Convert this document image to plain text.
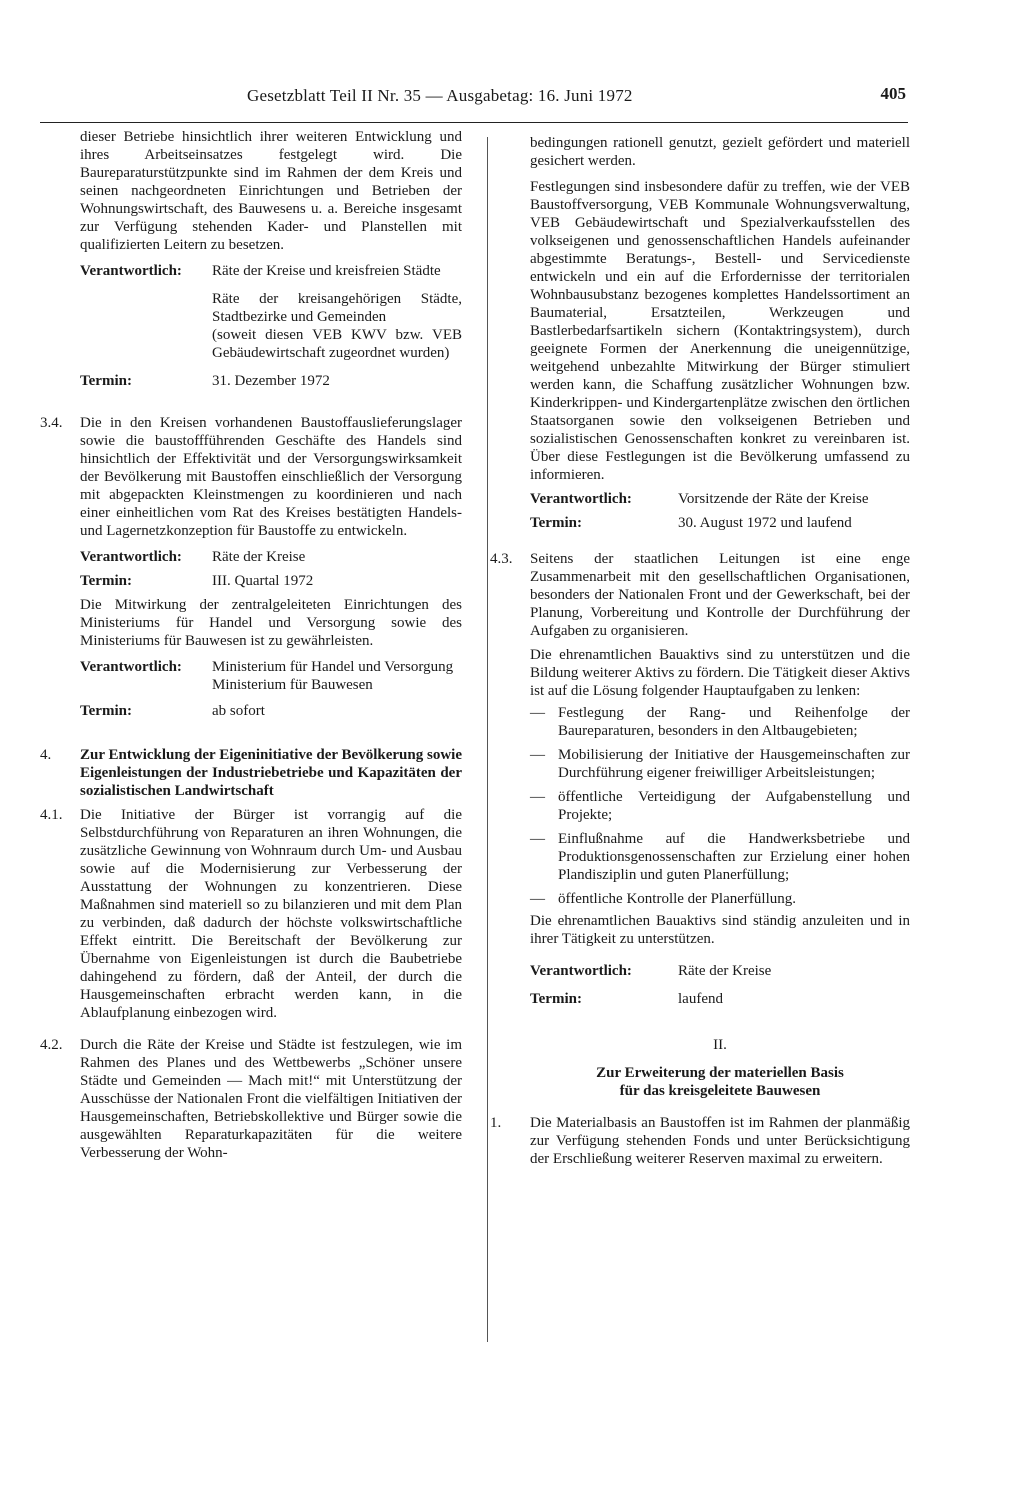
Gesetzblatt Teil II Nr. 35 — Ausgabetag: 16. Juni 1972	405

dieser Betriebe hinsichtlich ihrer weiteren Entwicklung und ihres Arbeitseinsatzes festgelegt wird. Die Baureparaturstützpunkte sind im Rahmen der dem Kreis und seinen nachgeordneten Einrichtungen und Betrieben der Wohnungswirtschaft, des Bauwesens u. a. Bereiche insgesamt zur Verfügung stehenden Kader- und Planstellen mit qualifizierten Leitern zu besetzen.

Verantwortlich:	Räte der Kreise und kreisfreien Städte

Räte der kreisangehörigen Städte, Stadtbezirke und Gemeinden

(soweit diesen VEB KWV bzw. VEB Gebäudewirtschaft zugeordnet wurden)

Termin:	31. Dezember 1972
3.4. Die in den Kreisen vorhandenen Baustoffauslieferungslager sowie die baustoffführenden Geschäfte des Handels sind hinsichtlich der Effektivität und der Versorgungswirksamkeit der Bevölkerung mit Baustoffen einschließlich der Versorgung mit abgepackten Kleinstmengen zu koordinieren und nach einer einheitlichen vom Rat des Kreises bestätigten Handels- und Lagernetzkonzeption für Baustoffe zu entwickeln.

Verantwortlich:	Räte der Kreise
Termin:	III. Quartal 1972

Die Mitwirkung der zentralgeleiteten Einrichtungen des Ministeriums für Handel und Versorgung sowie des Ministeriums für Bauwesen ist zu gewährleisten.

Verantwortlich:	Ministerium für Handel und Versorgung

Ministerium für Bauwesen

Termin:	ab sofort
4. Zur Entwicklung der Eigeninitiative der Bevölkerung sowie Eigenleistungen der Industriebetriebe und Kapazitäten der sozialistischen Landwirtschaft

4.1. Die Initiative der Bürger ist vorrangig auf die Selbstdurchführung von Reparaturen an ihren Wohnungen, die zusätzliche Gewinnung von Wohnraum durch Um- und Ausbau sowie auf die Modernisierung zur Verbesserung der Ausstattung der Wohnungen zu konzentrieren. Diese Maßnahmen sind materiell so zu bilanzieren und mit dem Plan zu verbinden, daß dadurch der höchste volkswirtschaftliche Effekt eintritt. Die Bereitschaft der Bevölkerung zur Übernahme von Eigenleistungen ist durch die Baubetriebe dahingehend zu fördern, daß der Anteil, der durch die Hausgemeinschaften erbracht werden kann, in die Ablaufplanung einbezogen wird.

4.2. Durch die Räte der Kreise und Städte ist festzulegen, wie im Rahmen des Planes und des Wettbewerbs „Schöner unsere Städte und Gemeinden — Mach mit!“ mit Unterstützung der Ausschüsse der Nationalen Front die vielfältigen Initiativen der Hausgemeinschaften, Betriebskollektive und Bürger sowie die ausgewählten Reparaturkapazitäten für die weitere Verbesserung der Wohn-

bedingungen rationell genutzt, gezielt gefördert und materiell gesichert werden.

Festlegungen sind insbesondere dafür zu treffen, wie der VEB Baustoffversorgung, VEB Kommunale Wohnungsverwaltung, VEB Gebäudewirtschaft und Spezialverkaufsstellen des volkseigenen und genossenschaftlichen Handels aufeinander abgestimmte Beratungs-, Bestell- und Servicedienste entwickeln und ein auf die Erfordernisse der territorialen Wohnbausubstanz bezogenes komplettes Handelssortiment an Baumaterial, Ersatzteilen, Werkzeugen und Bastlerbedarfsartikeln sichern (Kontaktringsystem), durch geeignete Formen der Anerkennung die uneigennützige, weitgehend unbezahlte Mitwirkung der Bürger stimuliert werden kann, die Schaffung zusätzlicher Wohnungen bzw. Kinderkrippen- und Kindergartenplätze zwischen den örtlichen Staatsorganen sowie den volkseigenen Betrieben und sozialistischen Genossenschaften konkret zu vereinbaren ist. Über diese Festlegungen ist die Bevölkerung umfassend zu informieren.

Verantwortlich:	Vorsitzende der Räte der Kreise
Termin:	30. August 1972 und laufend
4.3. Seitens der staatlichen Leitungen ist eine enge Zusammenarbeit mit den gesellschaftlichen Organisationen, besonders der Nationalen Front und der Gewerkschaft, bei der Planung, Vorbereitung und Kontrolle der Durchführung der Aufgaben zu organisieren.

Die ehrenamtlichen Bauaktivs sind zu unterstützen und die Bildung weiterer Aktivs zu fördern. Die Tätigkeit dieser Aktivs ist auf die Lösung folgender Hauptaufgaben zu lenken:

— Festlegung der Rang- und Reihenfolge der Baureparaturen, besonders in den Altbaugebieten;

— Mobilisierung der Initiative der Hausgemeinschaften zur Durchführung eigener freiwilliger Arbeitsleistungen;

— öffentliche Verteidigung der Aufgabenstellung und Projekte;

— Einflußnahme auf die Handwerksbetriebe und Produktionsgenossenschaften zur Erzielung einer hohen Plandisziplin und guten Planerfüllung;

— öffentliche Kontrolle der Planerfüllung.

Die ehrenamtlichen Bauaktivs sind ständig anzuleiten und in ihrer Tätigkeit zu unterstützen.

Verantwortlich:	Räte der Kreise
Termin:	laufend

II.

Zur Erweiterung der materiellen Basis

für das kreisgeleitete Bauwesen

1. Die Materialbasis an Baustoffen ist im Rahmen der planmäßig zur Verfügung stehenden Fonds und unter Berücksichtigung der Erschließung weiterer Reserven maximal zu erweitern.
